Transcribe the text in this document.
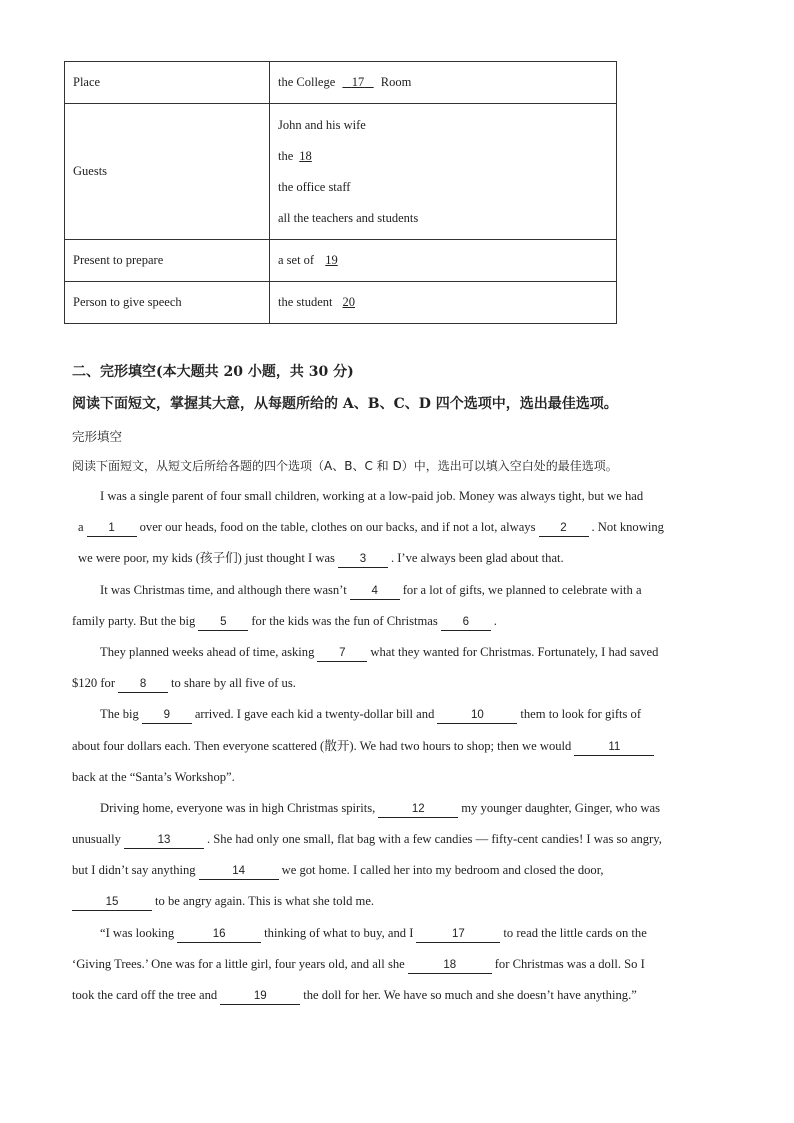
Place	the College 17 Room
Guests	John and his wife
the 18
the office staff
all the teachers and students

Present to prepare	a set of 19
Person to give speech	the student 20
二、完形填空(本大题共 20 小题，共 30 分)
阅读下面短文，掌握其大意，从每题所给的 A、B、C、D 四个选项中，选出最佳选项。
完形填空
阅读下面短文，从短文后所给各题的四个选项（A、B、C 和 D）中，选出可以填入空白处的最佳选项。
I was a single parent of four small children, working at a low-paid job. Money was always tight, but we had
a 1 over our heads, food on the table, clothes on our backs, and if not a lot, always 2 . Not knowing
we were poor, my kids (孩子们) just thought I was 3 . I’ve always been glad about that.
It was Christmas time, and although there wasn’t 4 for a lot of gifts, we planned to celebrate with a
family party. But the big 5 for the kids was the fun of Christmas 6 .
They planned weeks ahead of time, asking 7 what they wanted for Christmas. Fortunately, I had saved
$120 for 8 to share by all five of us.
The big 9 arrived. I gave each kid a twenty-dollar bill and	10	them to look for gifts of
about four dollars each. Then everyone scattered (散开). We had two hours to shop; then we would	11
back at the “Santa’s Workshop”.
Driving home, everyone was in high Christmas spirits,	12	my younger daughter, Ginger, who was
unusually	13	. She had only one small, flat bag with a few candies — fifty-cent candies! I was so angry,
but I didn’t say anything	14	we got home. I called her into my bedroom and closed the door,
15	to be angry again. This is what she told me.
“I was looking	16	thinking of what to buy, and I	17	to read the little cards on the
‘Giving Trees.’ One was for a little girl, four years old, and all she	18	for Christmas was a doll. So I
took the card off the tree and	19	the doll for her. We have so much and she doesn’t have anything.”
